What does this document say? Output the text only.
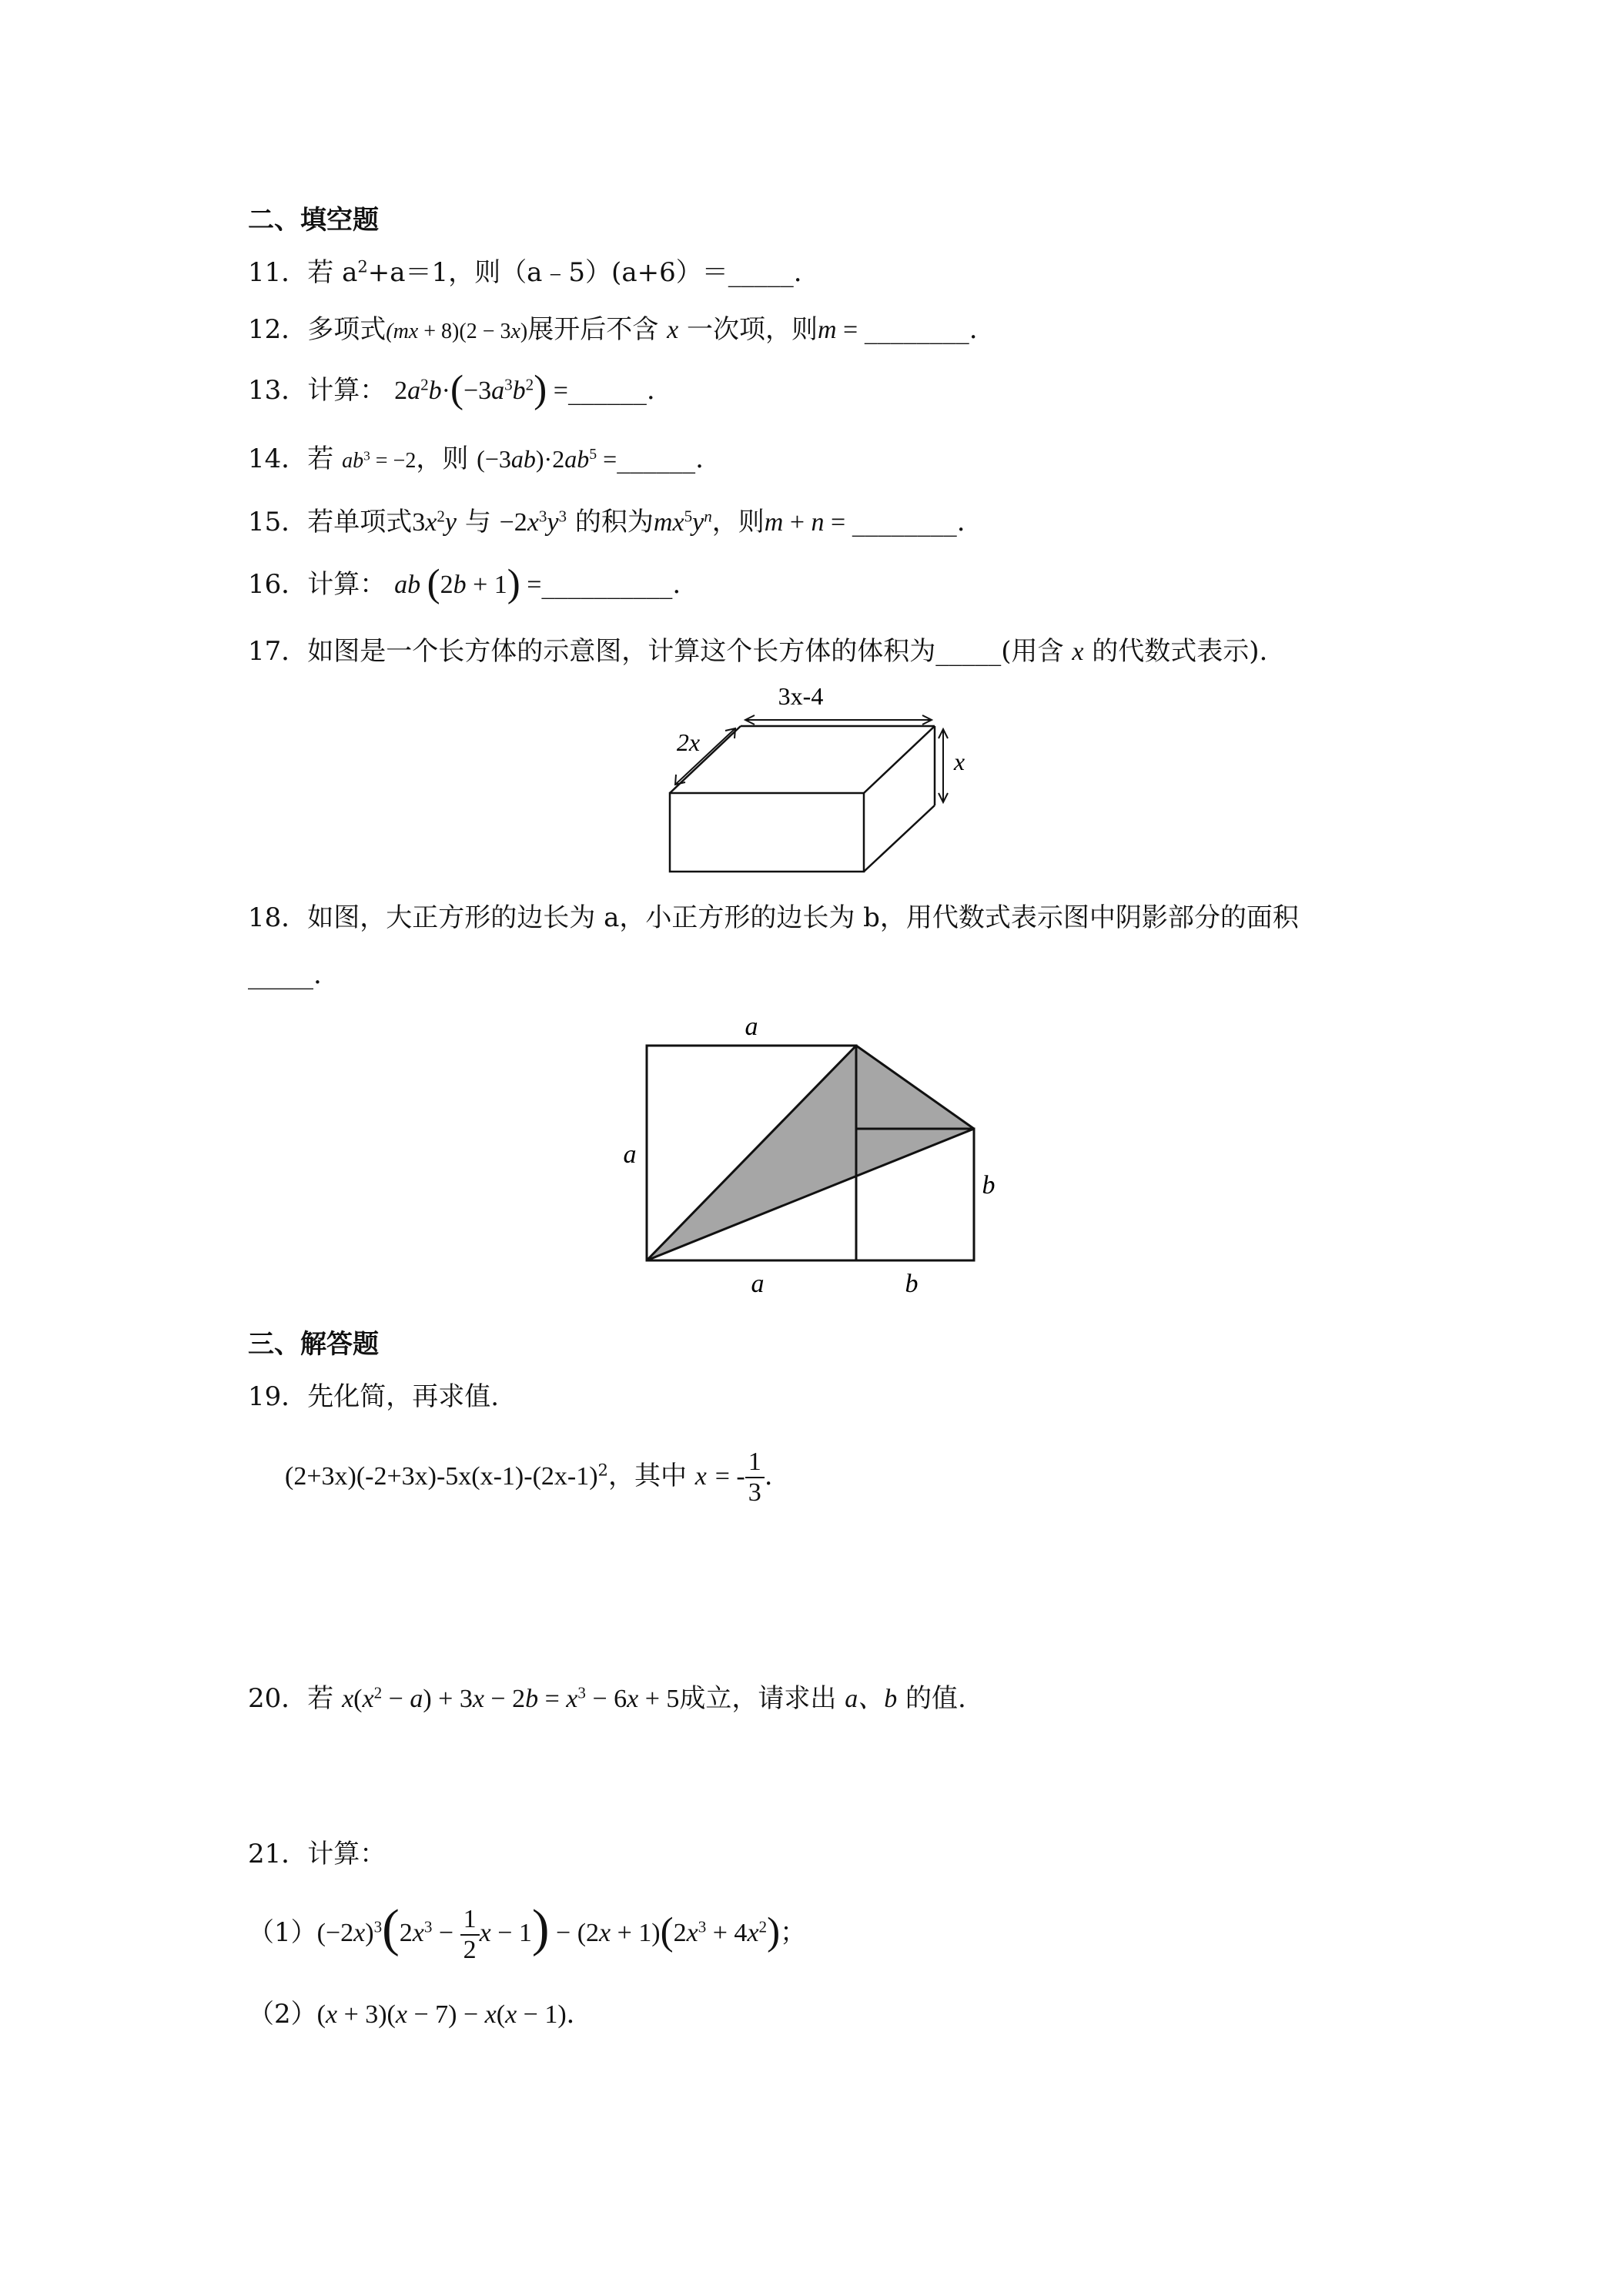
二、填空题
11．若 $a^2+a=1$，则（a﹣5）(a+6）＝_____.
12．多项式(mx + 8)(2 − 3x)展开后不含 x 一次项，则m = ________.
13．计算： $2a^2b\cdot(-3a^3b^2)$ =______.
14．若 $ab^3 = -2$，则 $(-3ab)\cdot 2ab^5$ =______.
15．若单项式$3x^2y$ 与 $-2x^3y^3$ 的积为$mx^5y^n$，则m + n = ________.
16．计算： ab (2b + 1) =__________.
17．如图是一个长方体的示意图，计算这个长方体的体积为_____(用含 x 的代数式表示).
3x-4
2x
x
18．如图，大正方形的边长为 a，小正方形的边长为 b，用代数式表示图中阴影部分的面积
_____.
a
a
a	b
b
三、解答题
19．先化简，再求值.
$(2+3x)(-2+3x)-5x(x-1)-(2x-1)^2$，其中 x = - $\frac{1}{3}$ .
20．若 $x(x^2 - a) + 3x - 2b = x^3 - 6x + 5$成立，请求出 a、b 的值.
21．计算：
$(1)(-2x)^3(2x^3 - \frac{1}{2}$ $x - 1) - (2x + 1)(2x^3 + 4x^2)$；
（2）(x + 3)(x − 7) − x(x − 1)．
